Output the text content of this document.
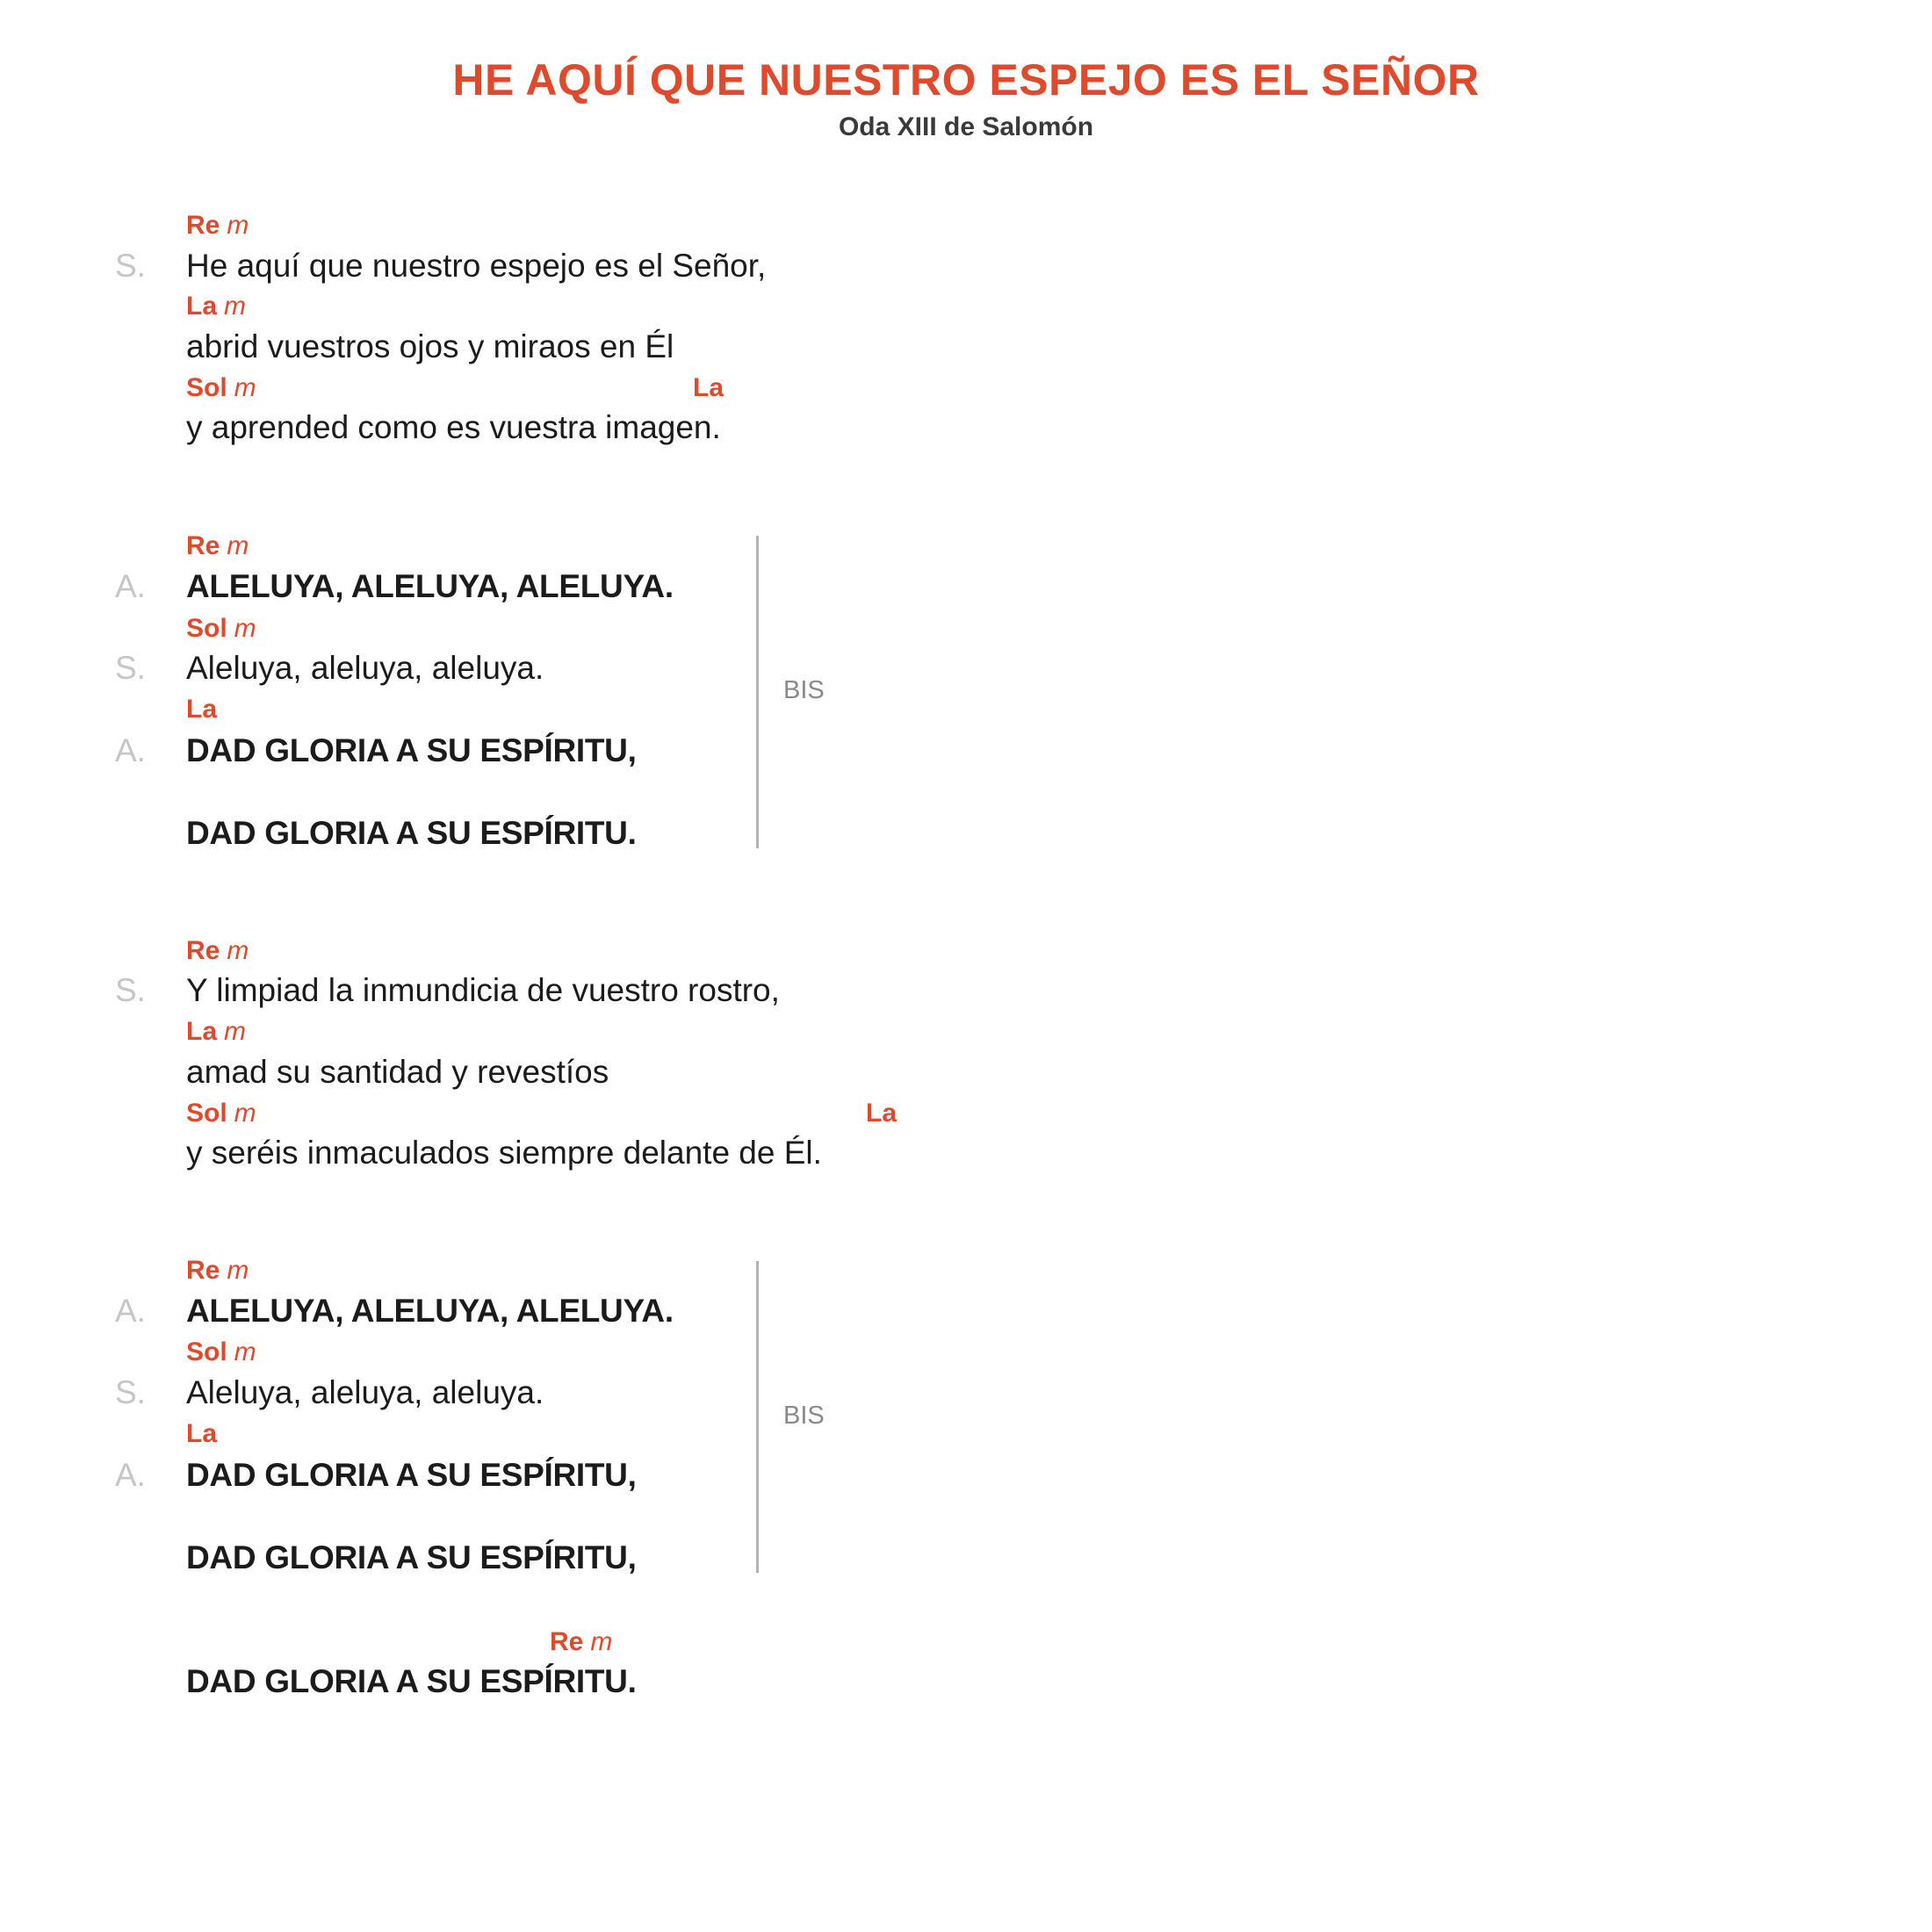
HE AQUÍ QUE NUESTRO ESPEJO ES EL SEÑOR
Oda XIII de Salomón
Re m
S. He aquí que nuestro espejo es el Señor,
La m
abrid vuestros ojos y miraos en Él
Sol m	La
y aprended como es vuestra imagen.
Re m
A. ALELUYA, ALELUYA, ALELUYA.
Sol m
S. Aleluya, aleluya, aleluya.
La
A. DAD GLORIA A SU ESPÍRITU,
DAD GLORIA A SU ESPÍRITU.
BIS
Re m
S. Y limpiad la inmundicia de vuestro rostro,
La m
amad su santidad y revestíos
Sol m	La
y seréis inmaculados siempre delante de Él.
Re m
A. ALELUYA, ALELUYA, ALELUYA.
Sol m
S. Aleluya, aleluya, aleluya.
La
A. DAD GLORIA A SU ESPÍRITU,
DAD GLORIA A SU ESPÍRITU,
BIS
Re m
DAD GLORIA A SU ESPÍRITU.
